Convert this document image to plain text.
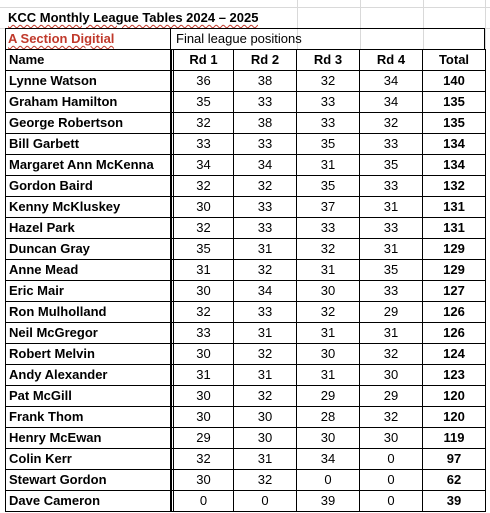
KCC Monthly League Tables 2024 – 2025
A Section Digitial	Final league positions
Name	Rd 1	Rd 2	Rd 3	Rd 4	Total
Lynne Watson	36	38	32	34	140
Graham Hamilton	35	33	33	34	135
George Robertson	32	38	33	32	135
Bill Garbett	33	33	35	33	134
Margaret Ann McKenna	34	34	31	35	134
Gordon Baird	32	32	35	33	132
Kenny McKluskey	30	33	37	31	131
Hazel Park	32	33	33	33	131
Duncan Gray	35	31	32	31	129
Anne Mead	31	32	31	35	129
Eric Mair	30	34	30	33	127
Ron Mulholland	32	33	32	29	126
Neil McGregor	33	31	31	31	126
Robert Melvin	30	32	30	32	124
Andy Alexander	31	31	31	30	123
Pat McGill	30	32	29	29	120
Frank Thom	30	30	28	32	120
Henry McEwan	29	30	30	30	119
Colin Kerr	32	31	34	0	97
Stewart Gordon	30	32	0	0	62
Dave Cameron	0	0	39	0	39
